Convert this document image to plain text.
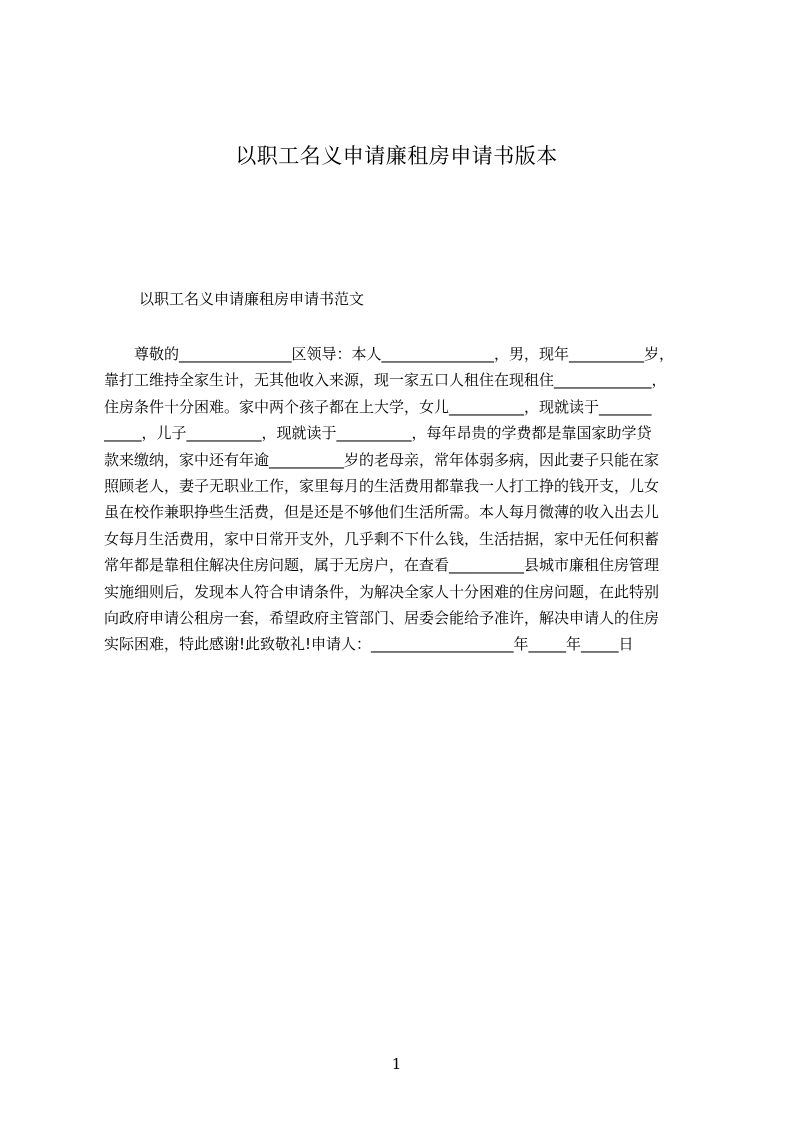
以职工名义申请廉租房申请书版本
以职工名义申请廉租房申请书范文
　　尊敬的_______________区领导：本人_______________，男，现年__________岁，
靠打工维持全家生计，无其他收入来源，现一家五口人租住在现租住_____________，
住房条件十分困难。家中两个孩子都在上大学，女儿__________，现就读于_______
_____，儿子__________，现就读于__________，每年昂贵的学费都是靠国家助学贷
款来缴纳，家中还有年逾__________岁的老母亲，常年体弱多病，因此妻子只能在家
照顾老人，妻子无职业工作，家里每月的生活费用都靠我一人打工挣的钱开支，儿女
虽在校作兼职挣些生活费，但是还是不够他们生活所需。本人每月微薄的收入出去儿
女每月生活费用，家中日常开支外，几乎剩不下什么钱，生活拮据，家中无任何积蓄
常年都是靠租住解决住房问题，属于无房户，在查看__________县城市廉租住房管理
实施细则后，发现本人符合申请条件，为解决全家人十分困难的住房问题，在此特别
向政府申请公租房一套，希望政府主管部门、居委会能给予准许，解决申请人的住房
实际困难，特此感谢!此致敬礼!申请人：___________________年_____年_____日
1
